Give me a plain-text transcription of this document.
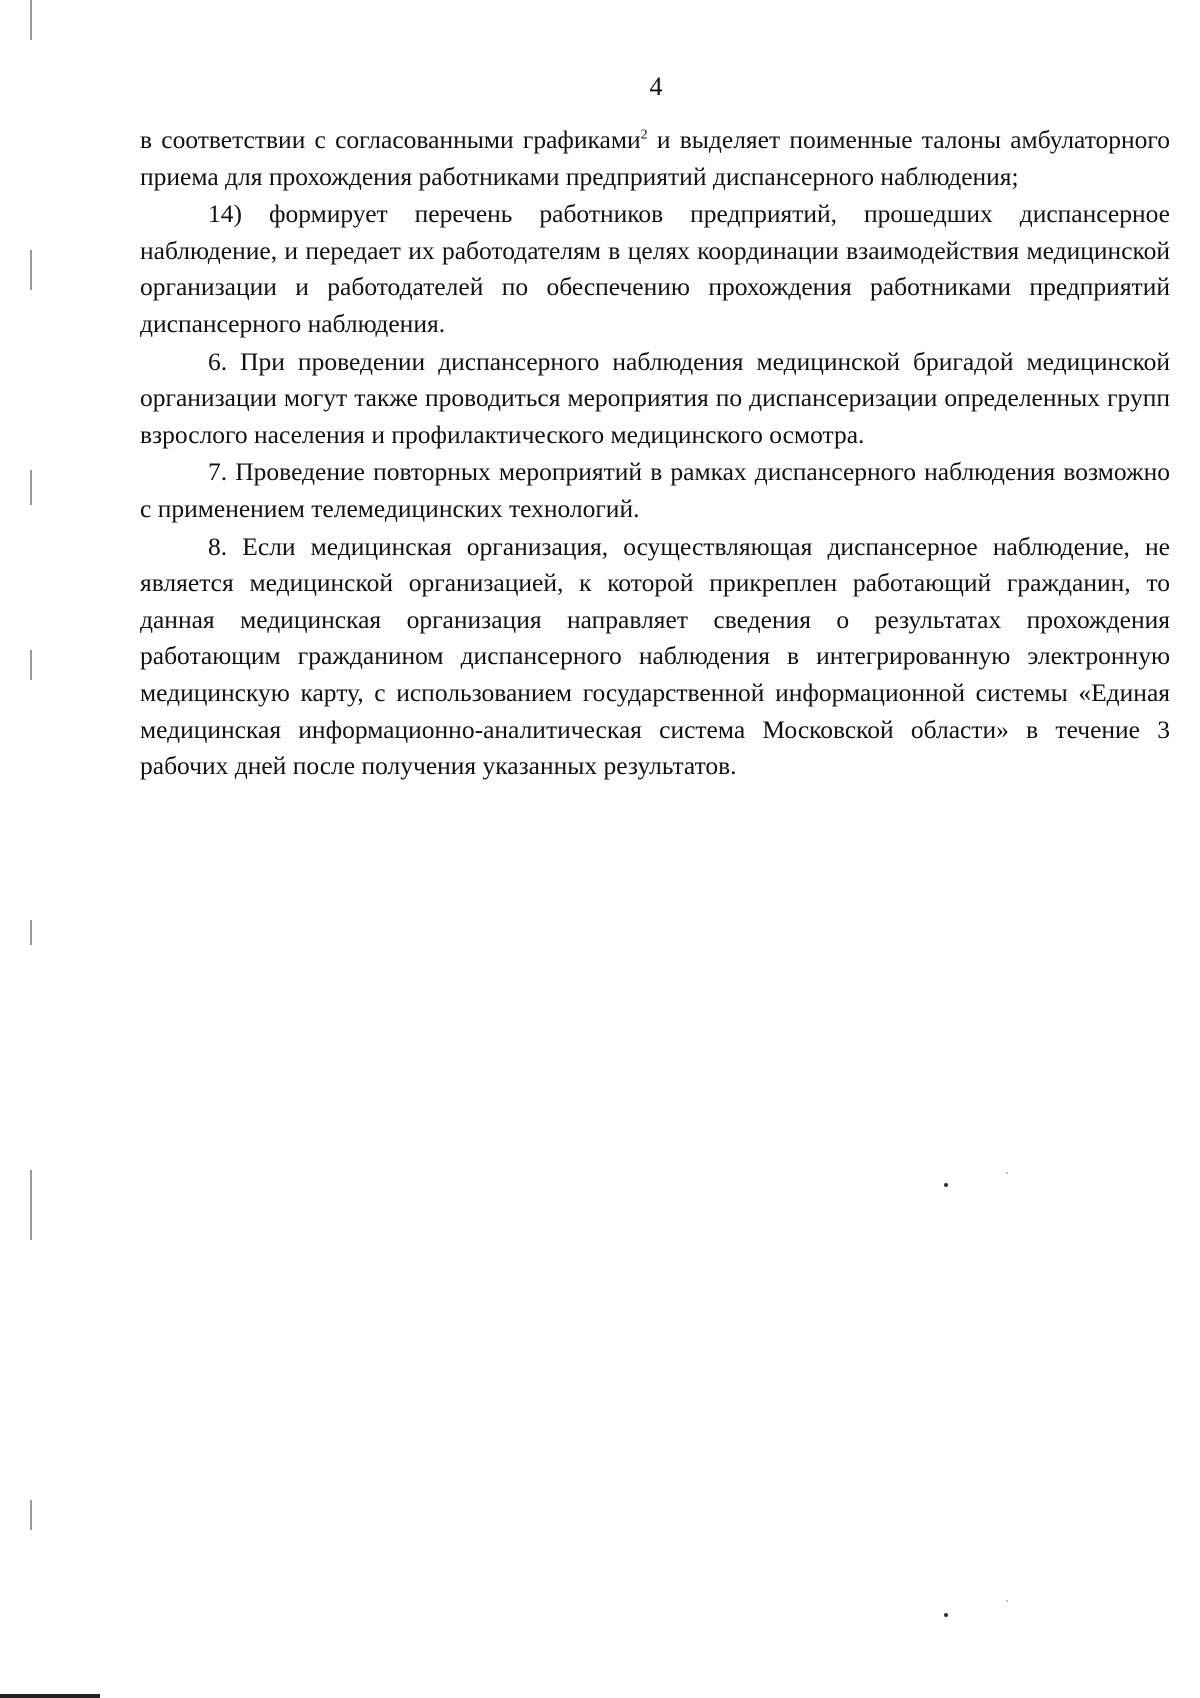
4

в соответствии с согласованными графиками$^2$ и выделяет поименные талоны амбулаторного приема для прохождения работниками предприятий диспансерного наблюдения;

14) формирует перечень работников предприятий, прошедших диспансерное наблюдение, и передает их работодателям в целях координации взаимодействия медицинской организации и работодателей по обеспечению прохождения работниками предприятий диспансерного наблюдения.

6. При проведении диспансерного наблюдения медицинской бригадой медицинской организации могут также проводиться мероприятия по диспансеризации определенных групп взрослого населения и профилактического медицинского осмотра.

7. Проведение повторных мероприятий в рамках диспансерного наблюдения возможно с применением телемедицинских технологий.

8. Если медицинская организация, осуществляющая диспансерное наблюдение, не является медицинской организацией, к которой прикреплен работающий гражданин, то данная медицинская организация направляет сведения о результатах прохождения работающим гражданином диспансерного наблюдения в интегрированную электронную медицинскую карту, с использованием государственной информационной системы «Единая медицинская информационно-аналитическая система Московской области» в течение 3 рабочих дней после получения указанных результатов.
